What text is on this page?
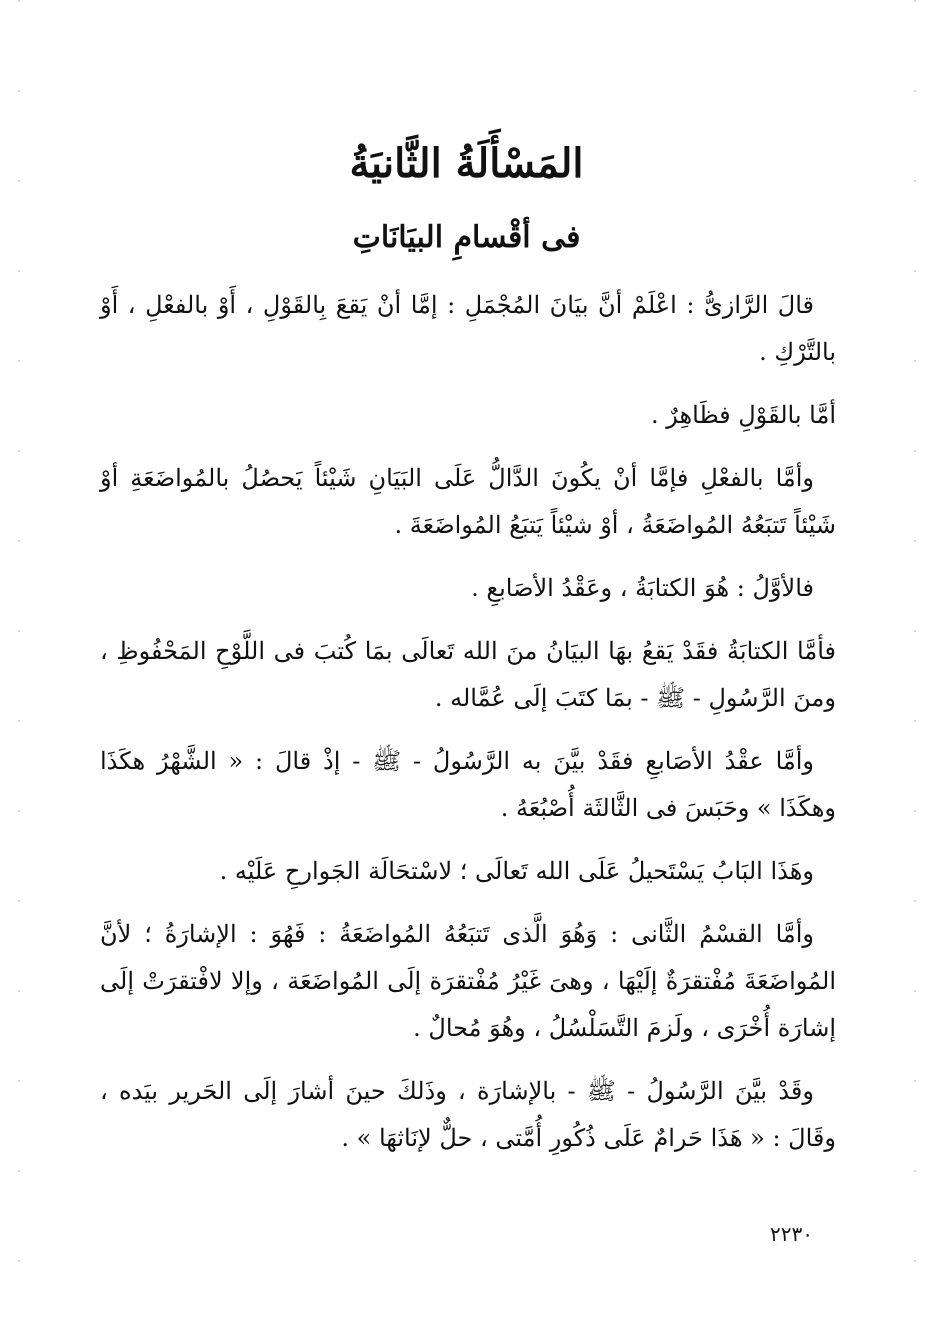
المَسْأَلَةُ الثَّانيَةُ
فى أقْسامِ البيَانَاتِ

قالَ الرَّازىُّ : اعْلَمْ أنَّ بيَانَ المُجْمَلِ : إمَّا أنْ يَقعَ بِالقَوْلِ ، أَوْ بالفعْلِ ، أَوْ بالتَّرْكِ .

أمَّا بالقَوْلِ فظَاهِرٌ .

وأمَّا بالفعْلِ فإمَّا أنْ يكُونَ الدَّالُّ عَلَى البَيَانِ شَيْئاً يَحصُلُ بالمُواضَعَةِ أوْ شَيْئاً تَتبَعُهُ المُواضَعَةُ ، أوْ شيْئاً يَتبَعُ المُواضَعَةَ .

فالأوَّلُ : هُوَ الكتابَةُ ، وعَقْدُ الأصَابعِ .

فأمَّا الكتابَةُ فقَدْ يَقعُ بهَا البيَانُ منَ الله تَعالَى بمَا كُتبَ فى اللَّوْحِ المَحْفُوظِ ، ومنَ الرَّسُولِ - ﷺ - بمَا كتَبَ إلَى عُمَّاله .

وأمَّا عقْدُ الأصَابعِ فقَدْ بيَّنَ به الرَّسُولُ - ﷺ - إذْ قالَ : « الشَّهْرُ هكَذَا وهكَذَا » وحَبَسَ فى الثَّالثَة أُصْبُعَهُ .

وهَذَا البَابُ يَسْتَحيلُ عَلَى الله تَعالَى ؛ لاسْتحَالَة الجَوارحِ عَلَيْه .

وأمَّا القسْمُ الثَّانى : وَهُوَ الَّذى تَتبَعُهُ المُواضَعَةُ : فَهُوَ : الإشارَةُ ؛ لأنَّ المُواضَعَةَ مُفْتقرَةٌ إلَيْهَا ، وهىَ غَيْرُ مُفْتقرَة إلَى المُواضَعَة ، وإلا لافْتقرَتْ إلَى إشارَة أُخْرَى ، ولَزمَ التَّسَلْسُلُ ، وهُوَ مُحالٌ .

وقَدْ بيَّنَ الرَّسُولُ - ﷺ - بالإشارَة ، وذَلكَ حينَ أشارَ إلَى الحَرير بيَده ، وقَالَ : « هَذَا حَرامٌ عَلَى ذُكُورِ أُمَّتى ، حلٌّ لإنَاثهَا » .

٢٢٣٠
